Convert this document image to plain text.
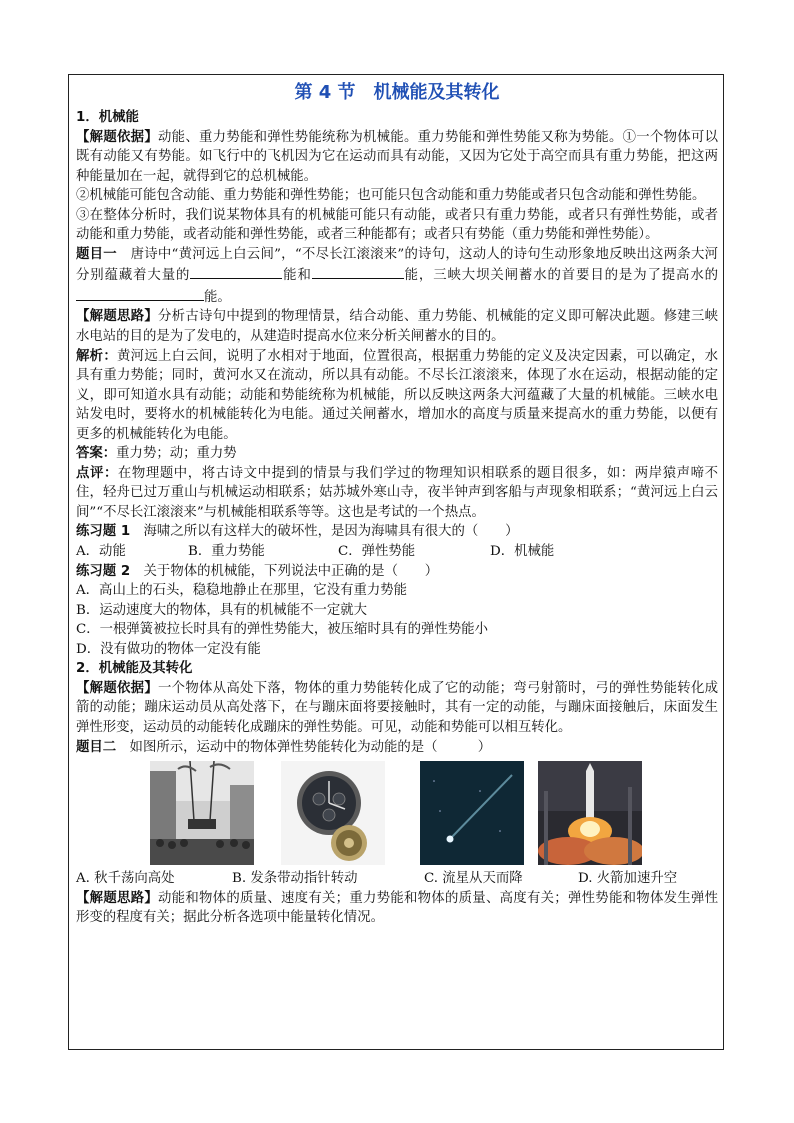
第 4 节　机械能及其转化
1．机械能

【解题依据】动能、重力势能和弹性势能统称为机械能。重力势能和弹性势能又称为势能。①一个物体可以既有动能又有势能。如飞行中的飞机因为它在运动而具有动能，又因为它处于高空而具有重力势能，把这两种能量加在一起，就得到它的总机械能。

②机械能可能包含动能、重力势能和弹性势能；也可能只包含动能和重力势能或者只包含动能和弹性势能。

③在整体分析时，我们说某物体具有的机械能可能只有动能，或者只有重力势能，或者只有弹性势能，或者动能和重力势能，或者动能和弹性势能，或者三种能都有；或者只有势能（重力势能和弹性势能）。

题目一　唐诗中“黄河远上白云间”，“不尽长江滚滚来”的诗句，这动人的诗句生动形象地反映出这两条大河分别蕴藏着大量的	能和	能，三峡大坝关闸蓄水的首要目的是为了提高水的能。

【解题思路】分析古诗句中提到的物理情景，结合动能、重力势能、机械能的定义即可解决此题。修建三峡水电站的目的是为了发电的，从建造时提高水位来分析关闸蓄水的目的。

解析：黄河远上白云间，说明了水相对于地面，位置很高，根据重力势能的定义及决定因素，可以确定，水具有重力势能；同时，黄河水又在流动，所以具有动能。不尽长江滚滚来，体现了水在运动，根据动能的定义，即可知道水具有动能；动能和势能统称为机械能，所以反映这两条大河蕴藏了大量的机械能。三峡水电站发电时，要将水的机械能转化为电能。通过关闸蓄水，增加水的高度与质量来提高水的重力势能，以便有更多的机械能转化为电能。

答案：重力势；动；重力势

点评：在物理题中，将古诗文中提到的情景与我们学过的物理知识相联系的题目很多，如：两岸猿声啼不住，轻舟已过万重山与机械运动相联系；姑苏城外寒山寺，夜半钟声到客船与声现象相联系；“黄河远上白云间”“不尽长江滚滚来”与机械能相联系等等。这也是考试的一个热点。

练习题 1　海啸之所以有这样大的破坏性，是因为海啸具有很大的（　　）

A．动能	B．重力势能	C．弹性势能	D．机械能

练习题 2　关于物体的机械能，下列说法中正确的是（　　）

A．高山上的石头，稳稳地静止在那里，它没有重力势能
B．运动速度大的物体，具有的机械能不一定就大
C．一根弹簧被拉长时具有的弹性势能大，被压缩时具有的弹性势能小
D．没有做功的物体一定没有能
2．机械能及其转化

【解题依据】一个物体从高处下落，物体的重力势能转化成了它的动能；弯弓射箭时，弓的弹性势能转化成箭的动能；蹦床运动员从高处落下，在与蹦床面将要接触时，其有一定的动能，与蹦床面接触后，床面发生弹性形变，运动员的动能转化成蹦床的弹性势能。可见，动能和势能可以相互转化。

题目二　如图所示，运动中的物体弹性势能转化为动能的是（　　　）

A. 秋千荡向高处	B. 发条带动指针转动	C. 流星从天而降	D. 火箭加速升空

【解题思路】动能和物体的质量、速度有关；重力势能和物体的质量、高度有关；弹性势能和物体发生弹性形变的程度有关；据此分析各选项中能量转化情况。
